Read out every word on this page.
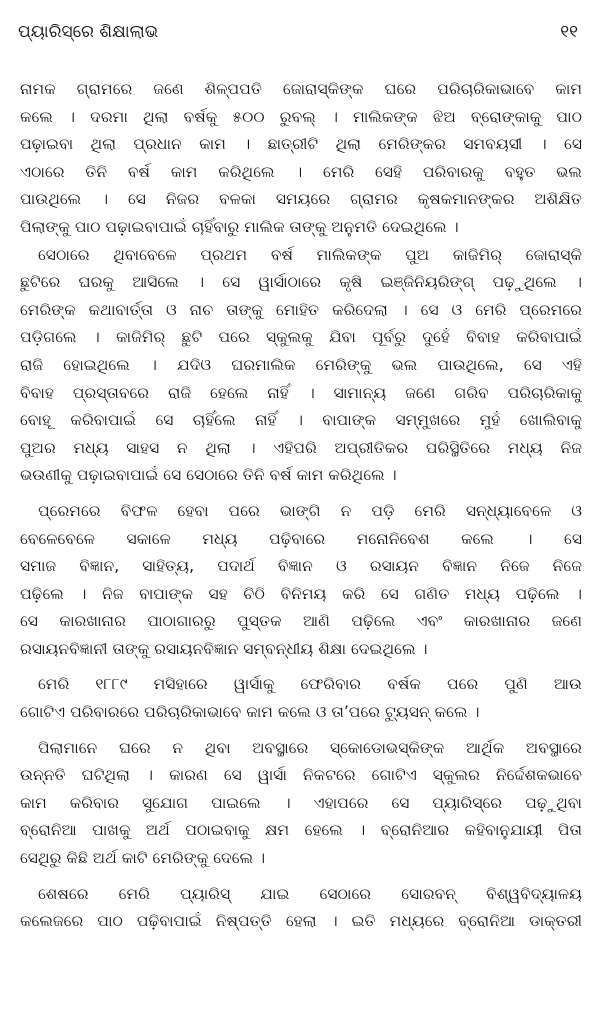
ପ୍ୟାରିସ୍‌ରେ ଶିକ୍ଷାଲାଭ	୧୧
ନାମକ ଗ୍ରାମରେ ଜଣେ ଶିଳ୍ପପତି ଜୋରାସ୍କିଙ୍କ ଘରେ ପରିଚାରିକାଭାବେ କାମ
କଲେ । ଦରମା ଥିଲା ବର୍ଷକୁ ୫୦୦ ରୁବଲ୍‌ । ମାଲିକଙ୍କ ଝିଅ ବ୍ରୋଙ୍କାକୁ ପାଠ
ପଢ଼ାଇବା ଥିଲା ପ୍ରଧାନ କାମ । ଛାତ୍ରୀଟି ଥିଲା ମେରିଙ୍କର ସମବୟସୀ । ସେ
ଏଠାରେ ତିନି ବର୍ଷ କାମ କରିଥିଲେ । ମେରି ସେହି ପରିବାରକୁ ବହୁତ ଭଲ
ପାଉଥିଲେ । ସେ ନିଜର ବଳକା ସମୟରେ ଗ୍ରାମର କୃଷକମାନଙ୍କର ଅଶିକ୍ଷିତ
ପିଲାଙ୍କୁ ପାଠ ପଢ଼ାଇବାପାଇଁ ଚାହିଁବାରୁ ମାଲିକ ତାଙ୍କୁ ଅନୁମତି ଦେଇଥିଲେ ।
ସେଠାରେ ଥିବାବେଳେ ପ୍ରଥମ ବର୍ଷ ମାଲିକଙ୍କ ପୁଅ କାଜିମିର୍‌ ଜୋରାସ୍କି
ଛୁଟିରେ ଘରକୁ ଆସିଲେ । ସେ ୱାର୍ସାଠାରେ କୃଷି ଇଞ୍ଜିନିୟରିଙ୍ଗ୍‌ ପଢ଼ୁଥିଲେ ।
ମେରିଙ୍କ କଥାବାର୍ତ୍ତା ଓ ନାଚ ତାଙ୍କୁ ମୋହିତ କରିଦେଲା । ସେ ଓ ମେରି ପ୍ରେମରେ
ପଡ଼ିଗଲେ । କାଜିମିର୍‌ ଛୁଟି ପରେ ସ୍କୁଲକୁ ଯିବା ପୂର୍ବରୁ ଦୁହେଁ ବିବାହ କରିବାପାଇଁ
ରାଜି ହୋଇଥିଲେ । ଯଦିଓ ଘରମାଲିକ ମେରିଙ୍କୁ ଭଲ ପାଉଥିଲେ, ସେ ଏହି
ବିବାହ ପ୍ରସ୍ତାବରେ ରାଜି ହେଲେ ନାହିଁ । ସାମାନ୍ୟ ଜଣେ ଗରିବ ପରିଚାରିକାକୁ
ବୋହୂ କରିବାପାଇଁ ସେ ଚାହିଁଲେ ନାହିଁ । ବାପାଙ୍କ ସମ୍ମୁଖରେ ମୁହଁ ଖୋଲିବାକୁ
ପୁଅର ମଧ୍ୟ ସାହସ ନ ଥିଲା । ଏହିପରି ଅପ୍ରୀତିକର ପରିସ୍ଥିତିରେ ମଧ୍ୟ ନିଜ
ଭଉଣୀକୁ ପଢ଼ାଇବାପାଇଁ ସେ ସେଠାରେ ତିନି ବର୍ଷ କାମ କରିଥିଲେ ।
ପ୍ରେମରେ ବିଫଳ ହେବା ପରେ ଭାଙ୍ଗି ନ ପଡ଼ି ମେରି ସନ୍ଧ୍ୟାବେଳେ ଓ
ବେଳେବେଳେ ସକାଳେ ମଧ୍ୟ ପଢ଼ିବାରେ ମନୋନିବେଶ କଲେ । ସେ
ସମାଜ ବିଜ୍ଞାନ, ସାହିତ୍ୟ, ପଦାର୍ଥ ବିଜ୍ଞାନ ଓ ରସାୟନ ବିଜ୍ଞାନ ନିଜେ ନିଜେ
ପଢ଼ିଲେ । ନିଜ ବାପାଙ୍କ ସହ ଚିଠି ବିନିମୟ କରି ସେ ଗଣିତ ମଧ୍ୟ ପଢ଼ିଲେ ।
ସେ କାରଖାନାର ପାଠାଗାରରୁ ପୁସ୍ତକ ଆଣି ପଢ଼ିଲେ ଏବଂ କାରଖାନାର ଜଣେ
ରସାୟନବିଜ୍ଞାନୀ ତାଙ୍କୁ ରସାୟନବିଜ୍ଞାନ ସମ୍ବନ୍ଧୀୟ ଶିକ୍ଷା ଦେଇଥିଲେ ।
ମେରି ୧୮୮୯ ମସିହାରେ ୱାର୍ସାକୁ ଫେରିବାର ବର୍ଷକ ପରେ ପୁଣି ଆଉ
ଗୋଟିଏ ପରିବାରରେ ପରିଚାରିକାଭାବେ କାମ କଲେ ଓ ତା’ପରେ ଟ୍ୟୁସନ୍‌ କଲେ ।
ପିଲାମାନେ ଘରେ ନ ଥିବା ଅବସ୍ଥାରେ ସ୍କୋଡୋଭସ୍କିଙ୍କ ଆର୍ଥିକ ଅବସ୍ଥାରେ
ଉନ୍ନତି ଘଟିଥିଲା । କାରଣ ସେ ୱାର୍ସା ନିକଟରେ ଗୋଟିଏ ସ୍କୁଲର ନିର୍ଦ୍ଦେଶକଭାବେ
କାମ କରିବାର ସୁଯୋଗ ପାଇଲେ । ଏହାପରେ ସେ ପ୍ୟାରିସ୍‌ରେ ପଢ଼ୁଥିବା
ବ୍ରୋନିଆ ପାଖକୁ ଅର୍ଥ ପଠାଇବାକୁ କ୍ଷମ ହେଲେ । ବ୍ରୋନିଆର କହିବାନୁଯାୟୀ ପିତା
ସେଥିରୁ କିଛି ଅର୍ଥ କାଟି ମେରିଙ୍କୁ ଦେଲେ ।
ଶେଷରେ ମେରି ପ୍ୟାରିସ୍‌ ଯାଇ ସେଠାରେ ସୋରବନ୍‌ ବିଶ୍ୱବିଦ୍ୟାଳୟ
କଲେଜରେ ପାଠ ପଢ଼ିବାପାଇଁ ନିଷ୍ପତ୍ତି ହେଲା । ଇତି ମଧ୍ୟରେ ବ୍ରୋନିଆ ଡାକ୍ତରୀ
